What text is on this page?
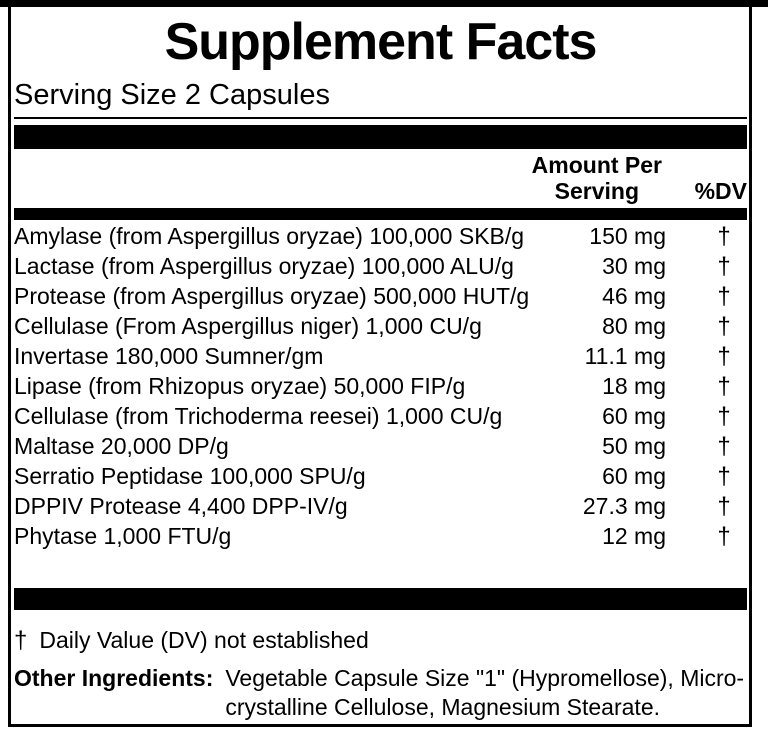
Supplement Facts
Serving Size 2 Capsules
Amount Per
Serving	%DV
Amylase (from Aspergillus oryzae) 100,000 SKB/g	150 mg	†
Lactase (from Aspergillus oryzae) 100,000 ALU/g	30 mg	†
Protease (from Aspergillus oryzae) 500,000 HUT/g	46 mg	†
Cellulase (From Aspergillus niger) 1,000 CU/g	80 mg	†
Invertase 180,000 Sumner/gm	11.1 mg	†
Lipase (from Rhizopus oryzae) 50,000 FIP/g	18 mg	†
Cellulase (from Trichoderma reesei) 1,000 CU/g	60 mg	†
Maltase 20,000 DP/g	50 mg	†
Serratio Peptidase 100,000 SPU/g	60 mg	†
DPPIV Protease 4,400 DPP-IV/g	27.3 mg	†
Phytase 1,000 FTU/g	12 mg	†
† Daily Value (DV) not established
Other Ingredients: Vegetable Capsule Size "1" (Hypromellose), Micro-
crystalline Cellulose, Magnesium Stearate.
